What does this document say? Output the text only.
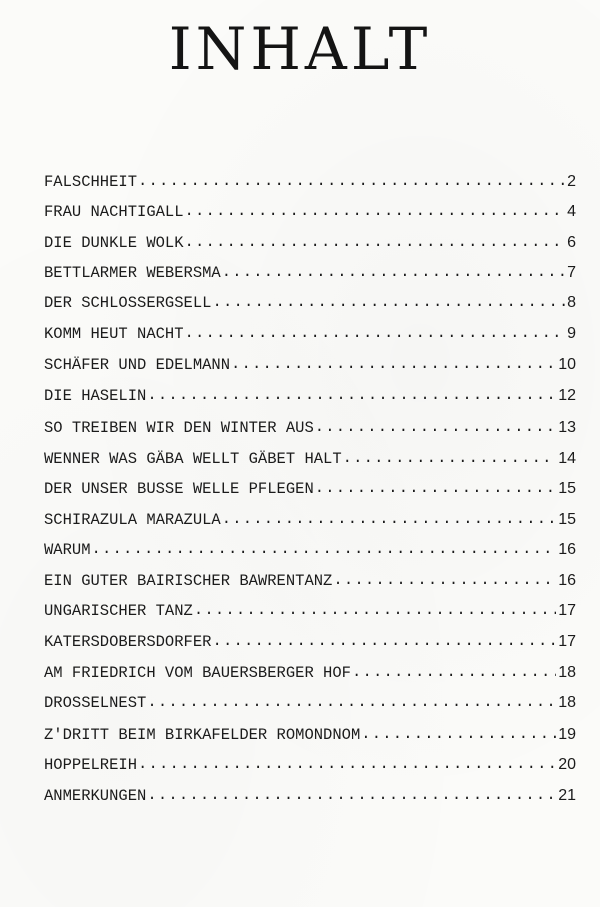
INHALT
FALSCHHEIT .....	2
FRAU NACHTIGALL .....	4
DIE DUNKLE WOLK .....	6
BETTLARMER WEBERSMA .....	7
DER SCHLOSSERGSELL .....	8
KOMM HEUT NACHT .....	9
SCHÄFER UND EDELMANN .....	10
DIE HASELIN .....	12
SO TREIBEN WIR DEN WINTER AUS .....	13
WENNER WAS GÄBA WELLT GÄBET HALT .....	14
DER UNSER BUSSE WELLE PFLEGEN .....	15
SCHIRAZULA MARAZULA .....	15
WARUM .....	16
EIN GUTER BAIRISCHER BAWRENTANZ .....	16
UNGARISCHER TANZ .....	17
KATERSDOBERSDORFER .....	17
AM FRIEDRICH VOM BAUERSBERGER HOF .....	18
DROSSELNEST .....	18
Z'DRITT BEIM BIRKAFELDER ROMONDNOM .....	19
HOPPELREIH .....	20
ANMERKUNGEN .....	21
